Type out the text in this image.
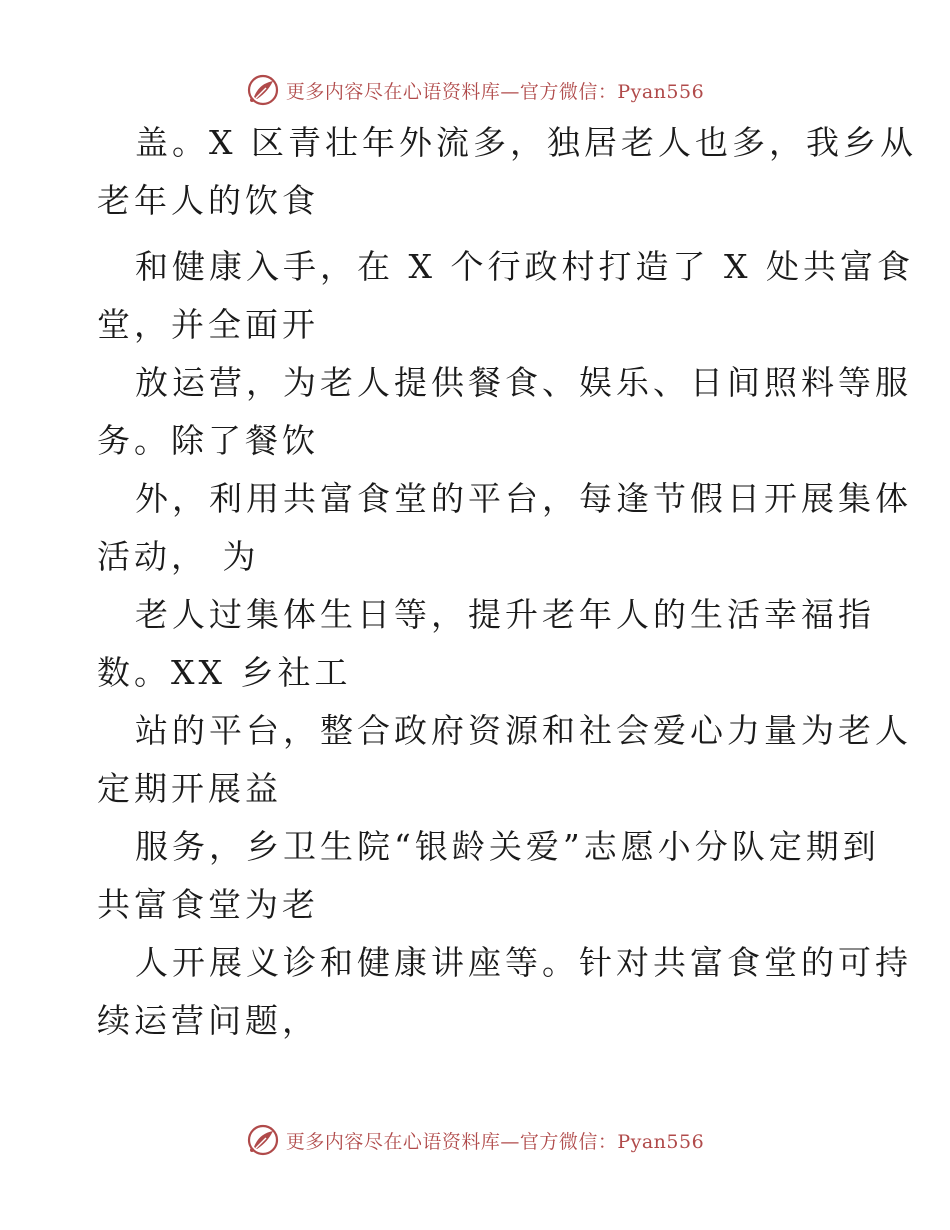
更多内容尽在心语资料库—官方微信：Pyan556
盖。X 区青壮年外流多，独居老人也多，我乡从
老年人的饮食
和健康入手，在 X 个行政村打造了 X 处共富食
堂，并全面开
放运营，为老人提供餐食、娱乐、日间照料等服
务。除了餐饮
外，利用共富食堂的平台，每逢节假日开展集体
活动， 为
老人过集体生日等，提升老年人的生活幸福指
数。XX 乡社工
站的平台，整合政府资源和社会爱心力量为老人
定期开展益
服务，乡卫生院“银龄关爱”志愿小分队定期到
共富食堂为老
人开展义诊和健康讲座等。针对共富食堂的可持
续运营问题，
更多内容尽在心语资料库—官方微信：Pyan556
